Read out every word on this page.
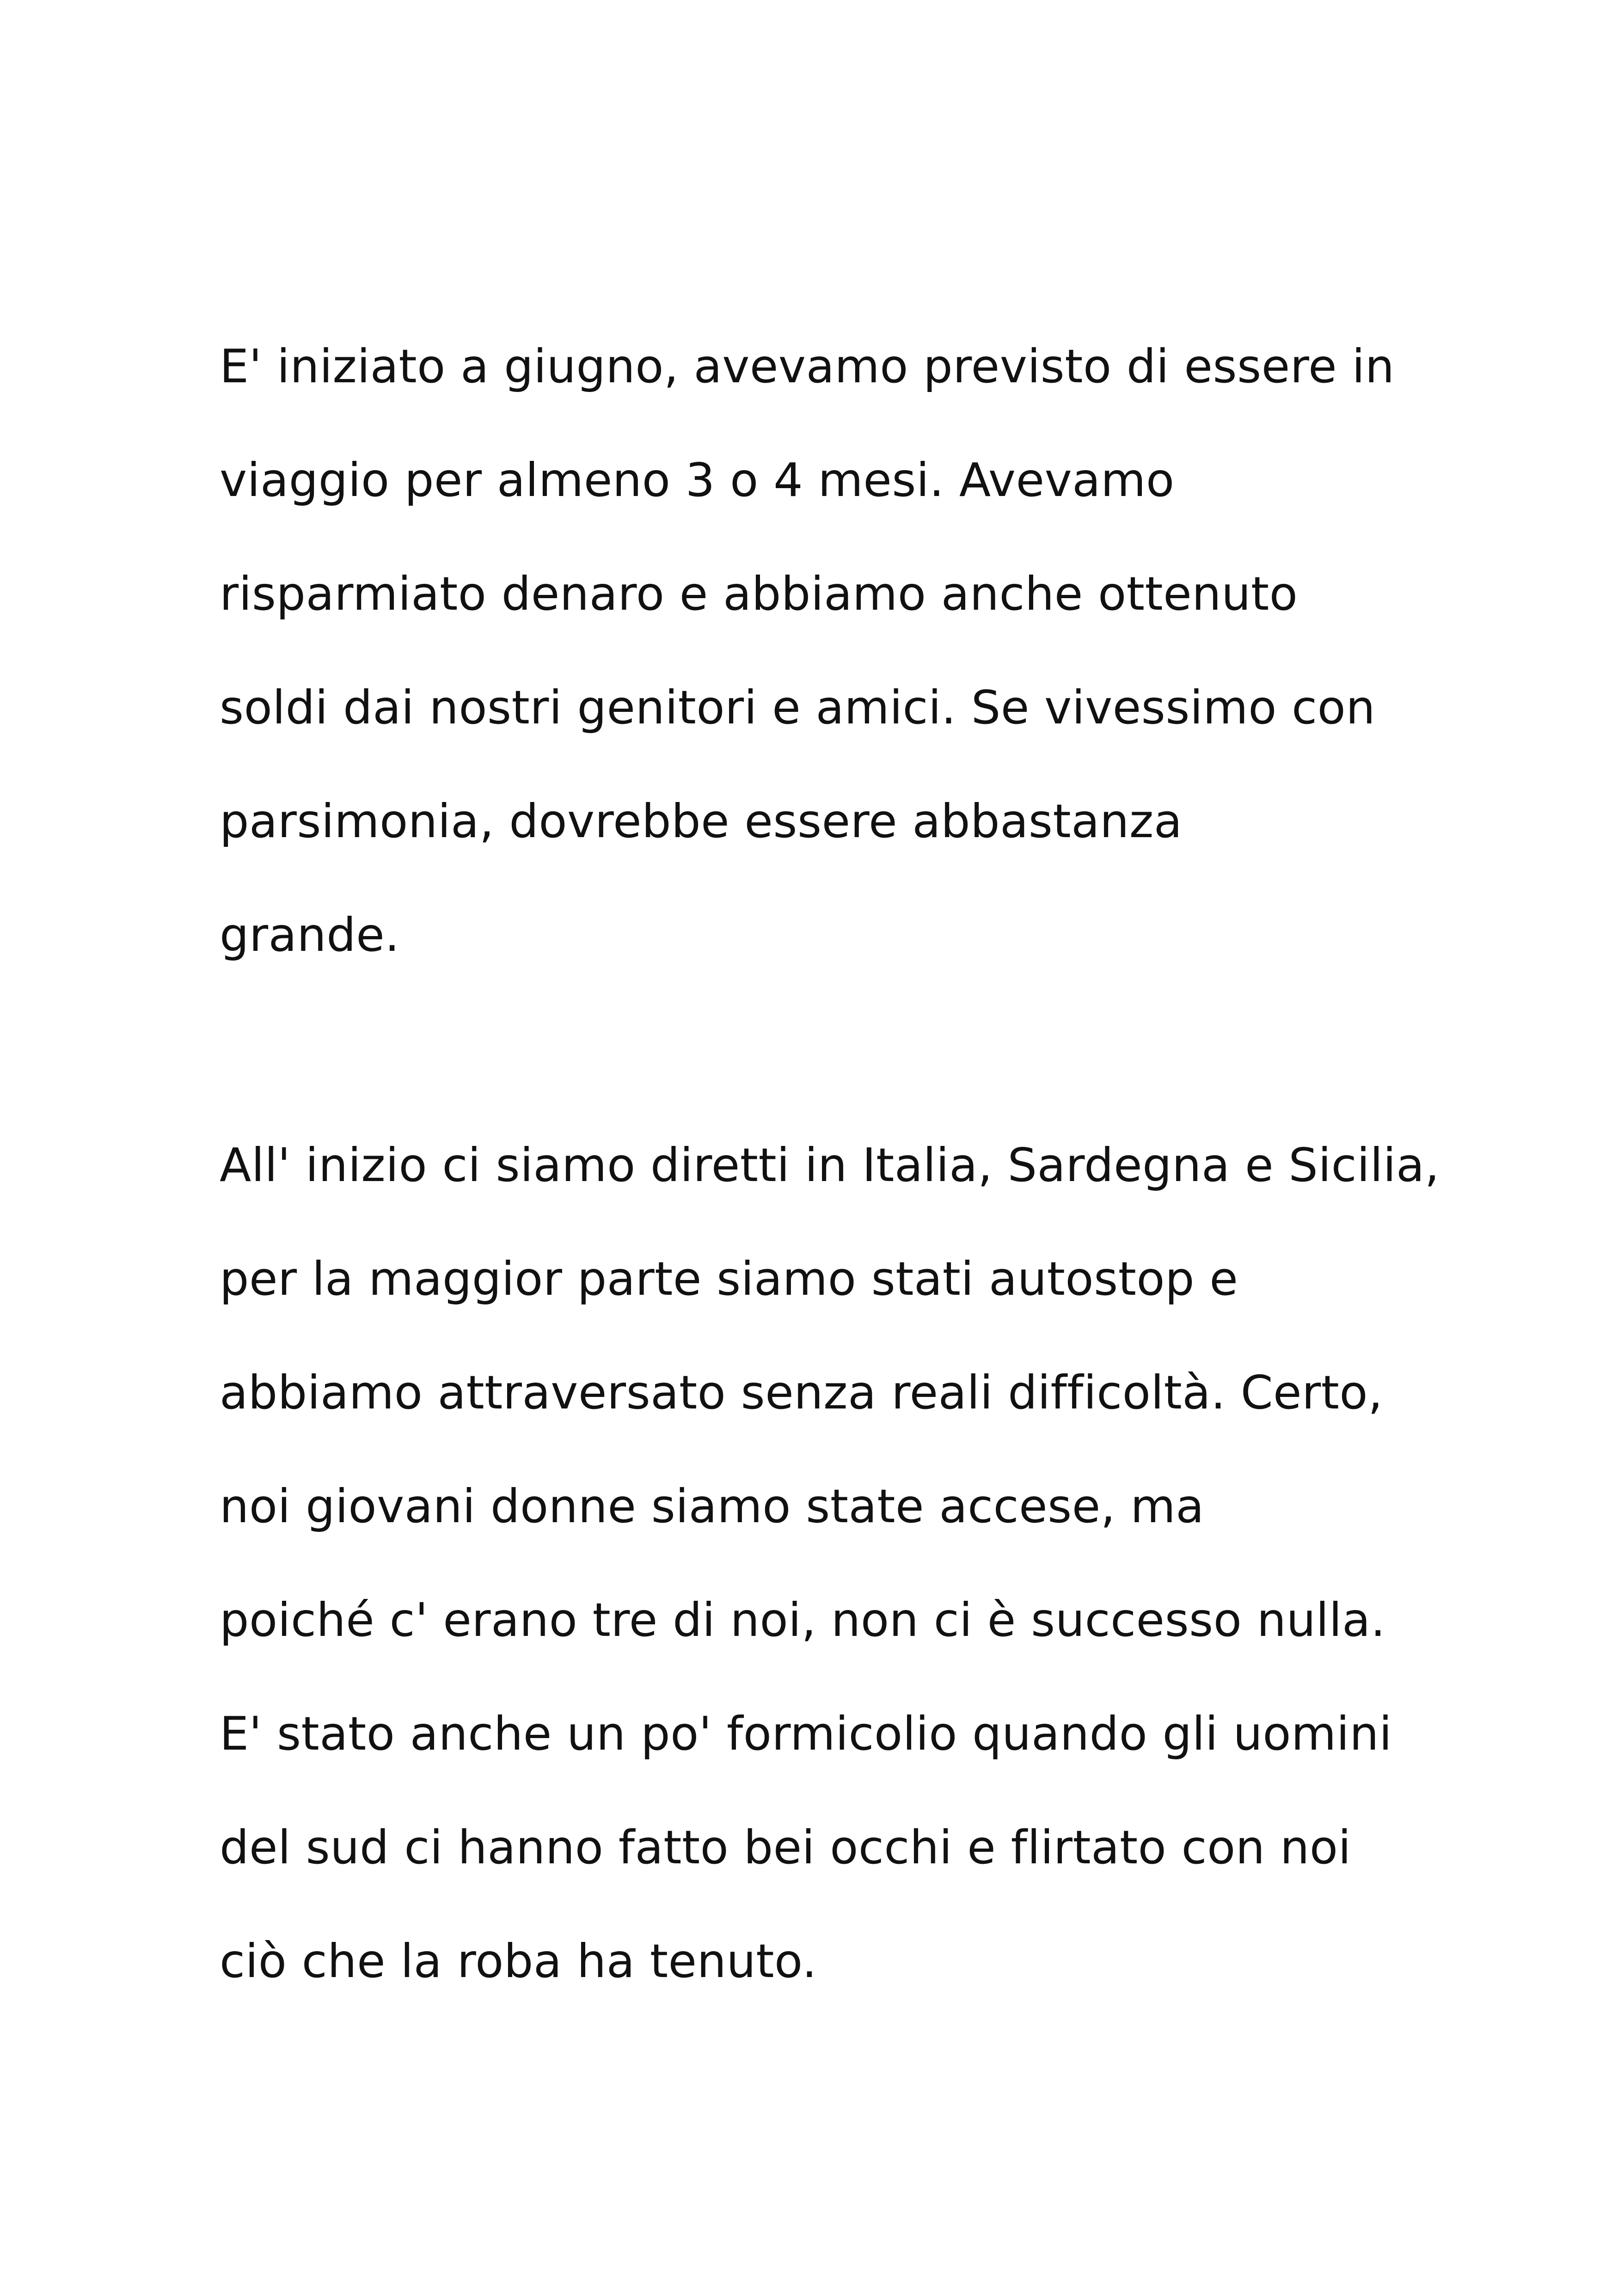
E' iniziato a giugno, avevamo previsto di essere in
viaggio per almeno 3 o 4 mesi. Avevamo
risparmiato denaro e abbiamo anche ottenuto
soldi dai nostri genitori e amici. Se vivessimo con
parsimonia, dovrebbe essere abbastanza
grande.
All' inizio ci siamo diretti in Italia, Sardegna e Sicilia,
per la maggior parte siamo stati autostop e
abbiamo attraversato senza reali difficoltà. Certo,
noi giovani donne siamo state accese, ma
poiché c' erano tre di noi, non ci è successo nulla.
E' stato anche un po' formicolio quando gli uomini
del sud ci hanno fatto bei occhi e flirtato con noi
ciò che la roba ha tenuto.
